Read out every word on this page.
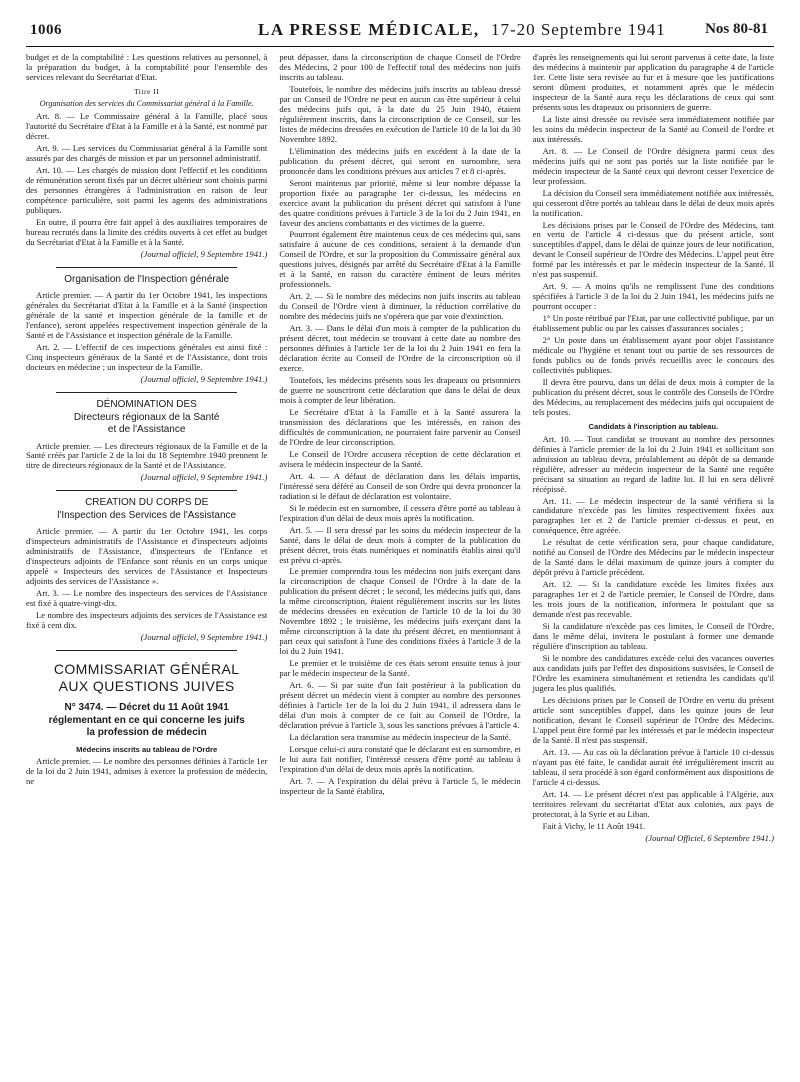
1006	LA PRESSE MÉDICALE, 17-20 Septembre 1941	Nos 80-81

budget et de la comptabilité : Les questions relatives au personnel, à la préparation du budget, à la comptabilité pour l'ensemble des services relevant du Secrétariat d'Etat.

Titre II
Organisation des services du Commissariat général à la Famille.

Art. 8. — Le Commissaire général à la Famille, placé sous l'autorité du Secrétaire d'Etat à la Famille et à la Santé, est nommé par décret.

Art. 9. — Les services du Commissariat général à la Famille sont assurés par des chargés de mission et par un personnel administratif.

Art. 10. — Les chargés de mission dont l'effectif et les conditions de rémunération seront fixés par un décret ultérieur sont choisis parmi des personnes étrangères à l'administration en raison de leur compétence particulière, soit parmi les agents des administrations publiques.

En outre, il pourra être fait appel à des auxiliaires temporaires de bureau recrutés dans la limite des crédits ouverts à cet effet au budget du Secrétariat d'Etat à la Famille et à la Santé.

(Journal officiel, 9 Septembre 1941.)

Organisation de l'Inspection générale

Article premier. — A partir du 1er Octobre 1941, les inspections générales du Secrétariat d'Etat à la Famille et à la Santé (inspection générale de la santé et inspection générale de la famille et de l'enfance), seront appelées respectivement inspection générale de la Santé et de l'Assistance et inspection générale de la Famille.

Art. 2. — L'effectif de ces inspections générales est ainsi fixé : Cinq inspecteurs généraux de la Santé et de l'Assistance, dont trois docteurs en médecine ; un inspecteur de la Famille.

(Journal officiel, 9 Septembre 1941.)

DÉNOMINATION DES
Directeurs régionaux de la Santé
et de l'Assistance

Article premier. — Les directeurs régionaux de la Famille et de la Santé créés par l'article 2 de la loi du 18 Septembre 1940 prennent le titre de directeurs régionaux de la Santé et de l'Assistance.

(Journal officiel, 9 Septembre 1941.)

CREATION DU CORPS DE
l'Inspection des Services de l'Assistance

Article premier. — A partir du 1er Octobre 1941, les corps d'inspecteurs administratifs de l'Assistance et d'inspecteurs adjoints administratifs de l'Assistance, d'inspecteurs de l'Enfance et d'inspecteurs adjoints de l'Enfance sont réunis en un corps unique appelé « Inspecteurs des services de l'Assistance et Inspecteurs adjoints des services de l'Assistance ».

Art. 3. — Le nombre des inspecteurs des services de l'Assistance est fixé à quatre-vingt-dix.

Le nombre des inspecteurs adjoints des services de l'Assistance est fixé à cent dix.

(Journal officiel, 9 Septembre 1941.)

COMMISSARIAT GÉNÉRAL
AUX QUESTIONS JUIVES
N° 3474. — Décret du 11 Août 1941
réglementant en ce qui concerne les juifs
la profession de médecin
Médecins inscrits au tableau de l'Ordre

Article premier. — Le nombre des personnes définies à l'article 1er de la loi du 2 Juin 1941, admises à exercer la profession de médecin, ne

peut dépasser, dans la circonscription de chaque Conseil de l'Ordre des Médecins, 2 pour 100 de l'effectif total des médecins non juifs inscrits au tableau.

Toutefois, le nombre des médecins juifs inscrits au tableau dressé par un Conseil de l'Ordre ne peut en aucun cas être supérieur à celui des médecins juifs qui, à la date du 25 Juin 1940, étaient régulièrement inscrits, dans la circonscription de ce Conseil, sur les listes de médecins dressées en exécution de l'article 10 de la loi du 30 Novembre 1892.

L'élimination des médecins juifs en excédent à la date de la publication du présent décret, qui seront en surnombre, sera prononcée dans les conditions prévues aux articles 7 et 8 ci-après.

Seront maintenus par priorité, même si leur nombre dépasse la proportion fixée au paragraphe 1er ci-dessus, les médecins en exercice avant la publication du présent décret qui satisfont à l'une des quatre conditions prévues à l'article 3 de la loi du 2 Juin 1941, en faveur des anciens combattants et des victimes de la guerre.

Pourront également être maintenus ceux de ces médecins qui, sans satisfaire à aucune de ces conditions, seraient à la demande d'un Conseil de l'Ordre, et sur la proposition du Commissaire général aux questions juives, désignés par arrêté du Secrétaire d'Etat à la Famille et à la Santé, en raison du caractère éminent de leurs mérites professionnels.

Art. 2. — Si le nombre des médecins non juifs inscrits au tableau du Conseil de l'Ordre vient à diminuer, la réduction corrélative du nombre des médecins juifs ne s'opérera que par voie d'extinction.

Art. 3. — Dans le délai d'un mois à compter de la publication du présent décret, tout médecin se trouvant à cette date au nombre des personnes définies à l'article 1er de la loi du 2 Juin 1941 en fera la déclaration écrite au Conseil de l'Ordre de la circonscription où il exerce.

Toutefois, les médecins présents sous les drapeaux ou prisonniers de guerre ne souscriront cette déclaration que dans le délai de deux mois à compter de leur libération.

Le Secrétaire d'Etat à la Famille et à la Santé assurera la transmission des déclarations que les intéressés, en raison des difficultés de communication, ne pourraient faire parvenir au Conseil de l'Ordre de leur circonscription.

Le Conseil de l'Ordre accusera réception de cette déclaration et avisera le médecin inspecteur de la Santé.

Art. 4. — A défaut de déclaration dans les délais impartis, l'intéressé sera déféré au Conseil de son Ordre qui devra prononcer la radiation si le défaut de déclaration est volontaire.

Si le médecin est en surnombre, il cessera d'être porté au tableau à l'expiration d'un délai de deux mois après la notification.

Art. 5. — Il sera dressé par les soins du médecin inspecteur de la Santé, dans le délai de deux mois à compter de la publication du présent décret, trois états numériques et nominatifs établis ainsi qu'il est prévu ci-après.

Le premier comprendra tous les médecins non juifs exerçant dans la circonscription de chaque Conseil de l'Ordre à la date de la publication du présent décret ; le second, les médecins juifs qui, dans la même circonscription, étaient régulièrement inscrits sur les listes de médecins dressées en exécution de l'article 10 de la loi du 30 Novembre 1892 ; le troisième, les médecins juifs exerçant dans la même circonscription à la date du présent décret, en mentionnant à part ceux qui satisfont à l'une des conditions fixées à l'article 3 de la loi du 2 Juin 1941.

Le premier et le troisième de ces états seront ensuite tenus à jour par le médecin inspecteur de la Santé.

Art. 6. — Si par suite d'un fait postérieur à la publication du présent décret un médecin vient à compter au nombre des personnes définies à l'article 1er de la loi du 2 Juin 1941, il adressera dans le délai d'un mois à compter de ce fait au Conseil de l'Ordre, la déclaration prévue à l'article 3, sous les sanctions prévues à l'article 4.

La déclaration sera transmise au médecin inspecteur de la Santé.

Lorsque celui-ci aura constaté que le déclarant est en surnombre, et le lui aura fait notifier, l'intéressé cessera d'être porté au tableau à l'expiration d'un délai de deux mois après la notification.

Art. 7. — A l'expiration du délai prévu à l'article 5, le médecin inspecteur de la Santé établira,

d'après les renseignements qui lui seront parvenus à cette date, la liste des médecins à maintenir par application du paragraphe 4 de l'article 1er. Cette liste sera revisée au fur et à mesure que les justifications seront dûment produites, et notamment après que le médecin inspecteur de la Santé aura reçu les déclarations de ceux qui sont présents sous les drapeaux ou prisonniers de guerre.

La liste ainsi dressée ou revisée sera immédiatement notifiée par les soins du médecin inspecteur de la Santé au Conseil de l'ordre et aux intéressés.

Art. 8. — Le Conseil de l'Ordre désignera parmi ceux des médecins juifs qui ne sont pas portés sur la liste notifiée par le médecin inspecteur de la Santé ceux qui devront cesser l'exercice de leur profession.

La décision du Conseil sera immédiatement notifiée aux intéressés, qui cesseront d'être portés au tableau dans le délai de deux mois après la notification.

Les décisions prises par le Conseil de l'Ordre des Médecins, tant en vertu de l'article 4 ci-dessus que du présent article, sont susceptibles d'appel, dans le délai de quinze jours de leur notification, devant le Conseil supérieur de l'Ordre des Médecins. L'appel peut être formé par les intéressés et par le médecin inspecteur de la Santé. Il n'est pas suspensif.

Art. 9. — A moins qu'ils ne remplissent l'une des conditions spécifiées à l'article 3 de la loi du 2 Juin 1941, les médecins juifs ne pourront occuper :

1° Un poste rétribué par l'Etat, par une collectivité publique, par un établissement public ou par les caisses d'assurances sociales ;

2° Un poste dans un établissement ayant pour objet l'assistance médicale ou l'hygiène et tenant tout ou partie de ses ressources de fonds publics ou de fonds privés recueillis avec le concours des collectivités publiques.

Il devra être pourvu, dans un délai de deux mois à compter de la publication du présent décret, sous le contrôle des Conseils de l'Ordre des Médecins, au remplacement des médecins juifs qui occupaient de tels postes.

Candidats à l'inscription au tableau.

Art. 10. — Tout candidat se trouvant au nombre des personnes définies à l'article premier de la loi du 2 Juin 1941 et sollicitant son admission au tableau devra, préalablement au dépôt de sa demande régulière, adresser au médecin inspecteur de la Santé une requête précisant sa situation au regard de ladite loi. Il lui en sera délivré récépissé.

Art. 11. — Le médecin inspecteur de la santé vérifiera si la candidature n'excède pas les limites respectivement fixées aux paragraphes 1er et 2 de l'article premier ci-dessus et peut, en conséquence, être agréée.

Le résultat de cette vérification sera, pour chaque candidature, notifié au Conseil de l'Ordre des Médecins par le médecin inspecteur de la Santé dans le délai maximum de quinze jours à compter du dépôt prévu à l'article précédent.

Art. 12. — Si la candidature excède les limites fixées aux paragraphes 1er et 2 de l'article premier, le Conseil de l'Ordre, dans les trois jours de la notification, informera le postulant que sa demande n'est pas recevable.

Si la candidature n'excède pas ces limites, le Conseil de l'Ordre, dans le même délai, invitera le postulant à former une demande régulière d'inscription au tableau.

Si le nombre des candidatures excède celui des vacances ouvertes aux candidats juifs par l'effet des dispositions susvisées, le Conseil de l'Ordre les examinera simultanément et retiendra les candidats qu'il jugera les plus qualifiés.

Les décisions prises par le Conseil de l'Ordre en vertu du présent article sont susceptibles d'appel, dans les quinze jours de leur notification, devant le Conseil supérieur de l'Ordre des Médecins. L'appel peut être formé par les intéressés et par le médecin inspecteur de la Santé. Il n'est pas suspensif.

Art. 13. — Au cas où la déclaration prévue à l'article 10 ci-dessus n'ayant pas été faite, le candidat aurait été irrégulièrement inscrit au tableau, il sera procédé à son égard conformément aux dispositions de l'article 4 ci-dessus.

Art. 14. — Le présent décret n'est pas applicable à l'Algérie, aux territoires relevant du secrétariat d'Etat aux colonies, aux pays de protectorat, à la Syrie et au Liban.

Fait à Vichy, le 11 Août 1941.

(Journal Officiel, 6 Septembre 1941.)
